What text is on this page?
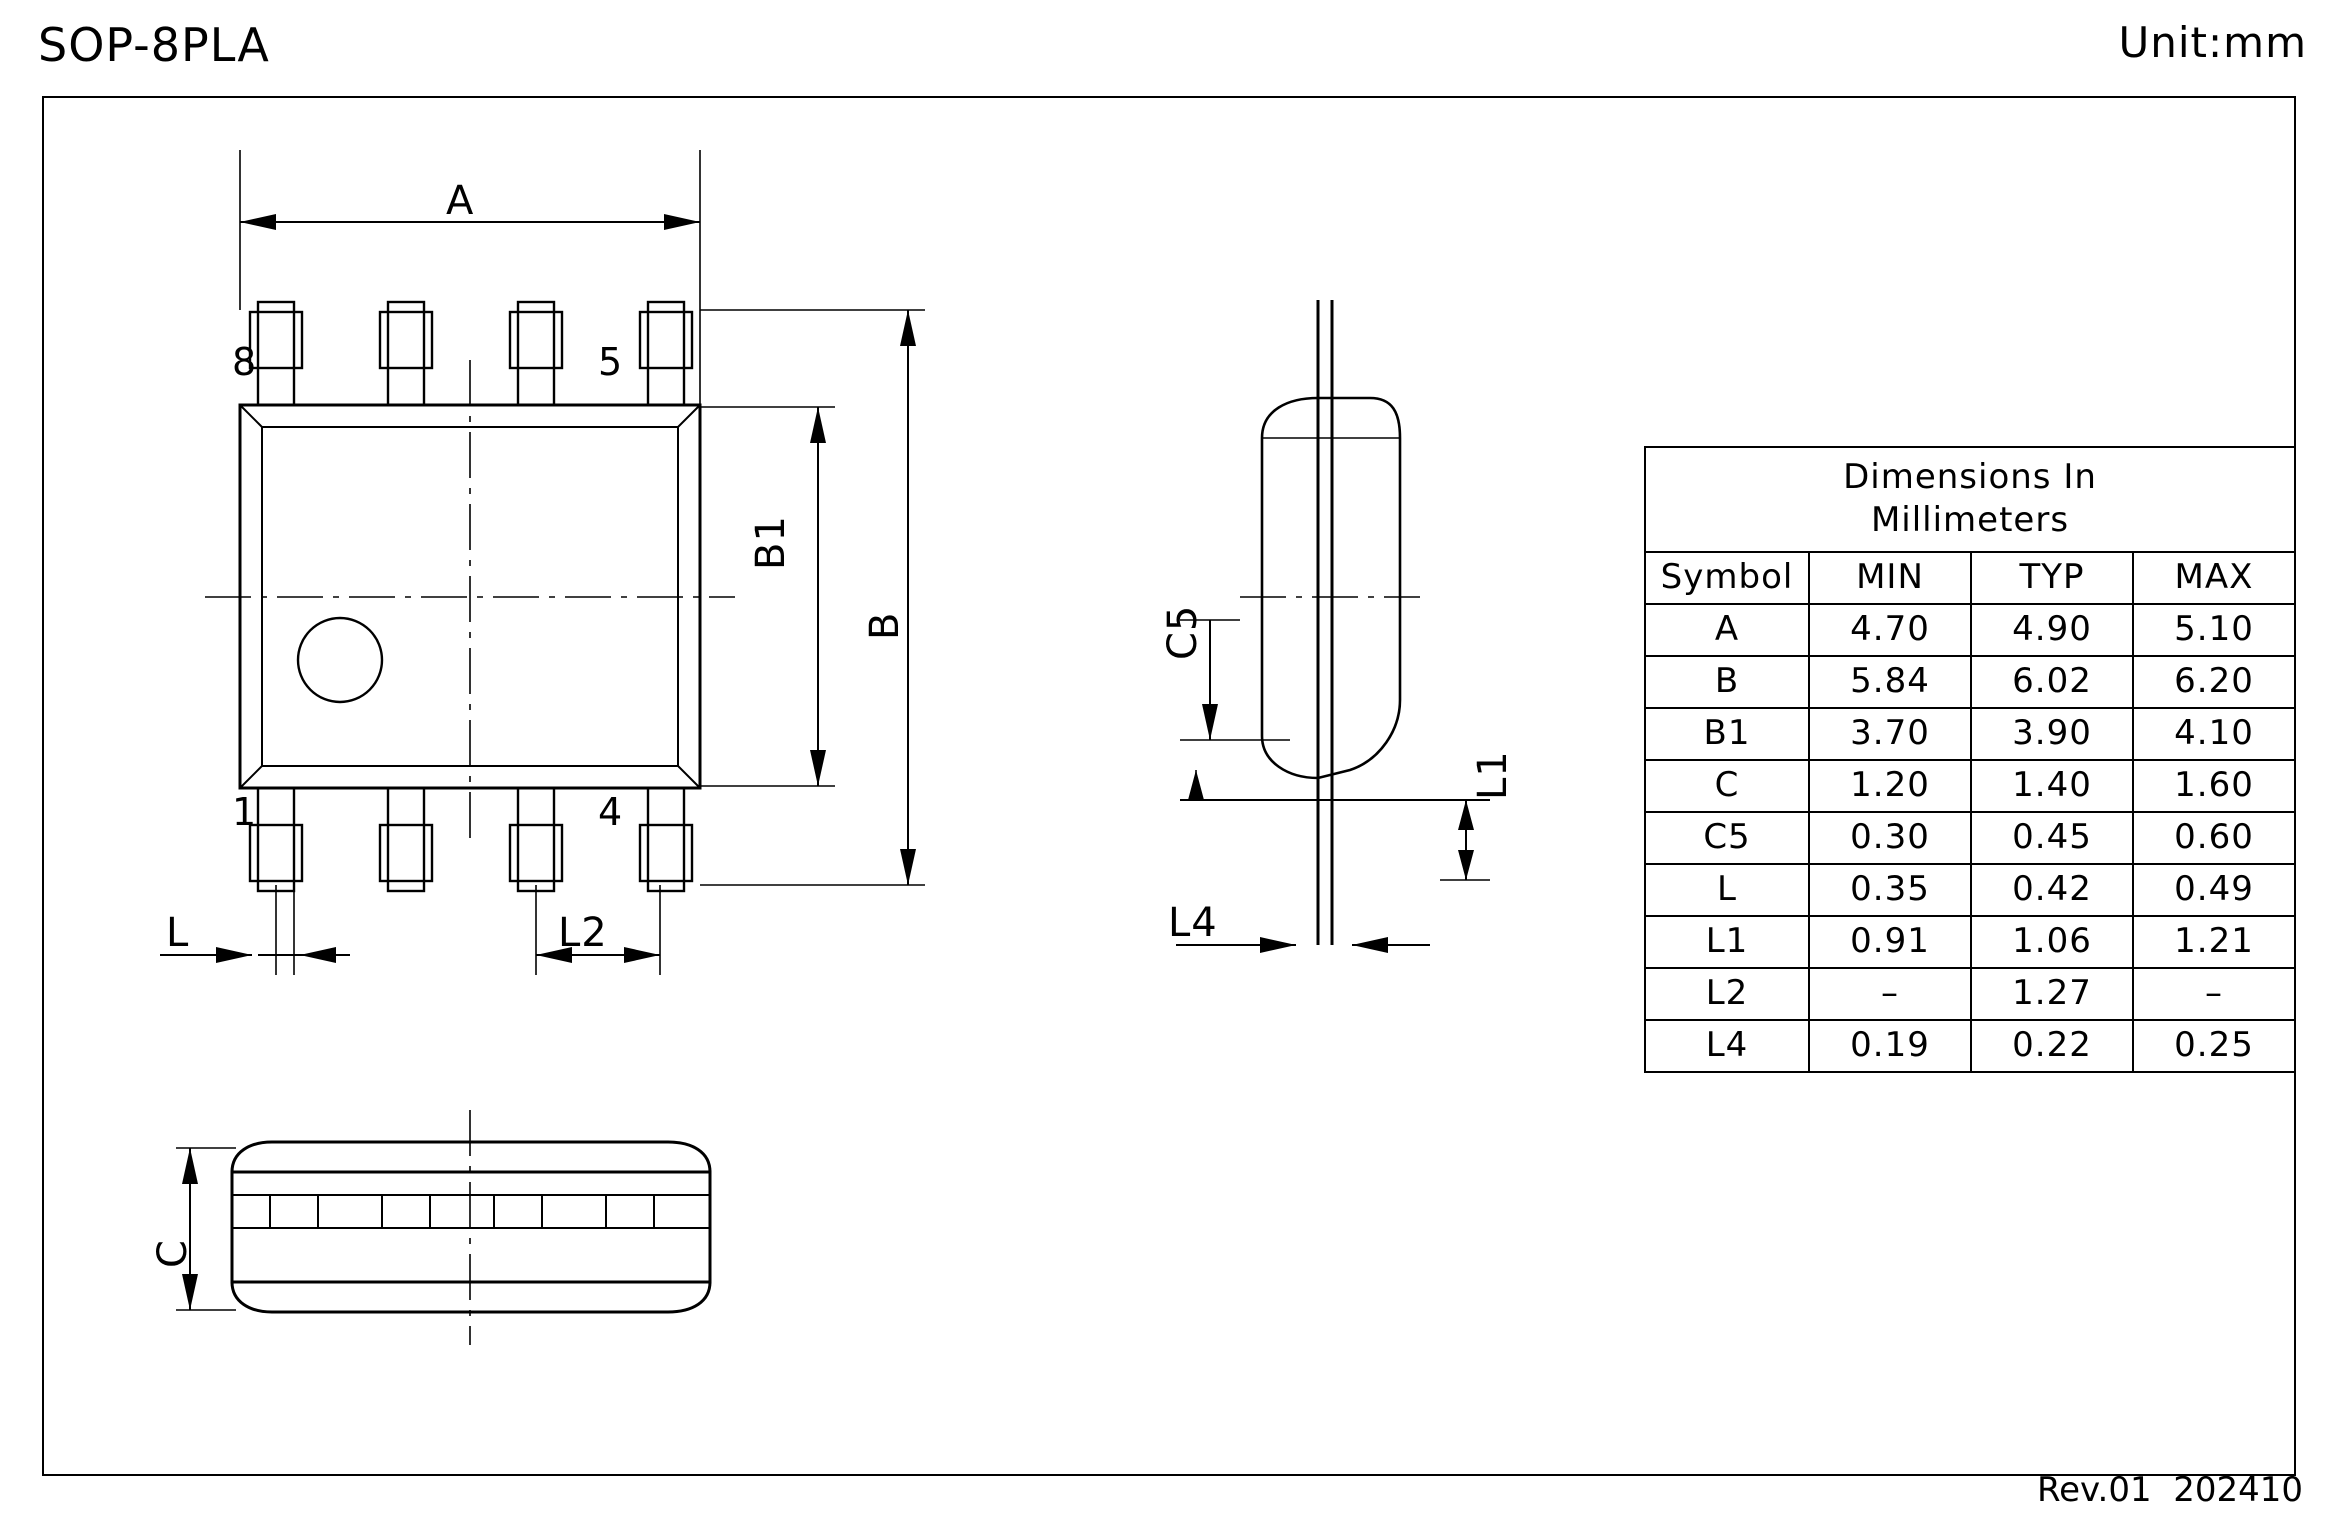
SOP-8PLA	Unit:mm
Rev.01  202410
A
8	5
1	4
B1
B
L	L2
C5
L1
L4
C
Dimensions In
Millimeters			

Symbol	MIN	TYP	MAX
A	4.70	4.90	5.10
B	5.84	6.02	6.20
B1	3.70	3.90	4.10
C	1.20	1.40	1.60
C5	0.30	0.45	0.60
L	0.35	0.42	0.49
L1	0.91	1.06	1.21
L2	–	1.27	–
L4	0.19	0.22	0.25
